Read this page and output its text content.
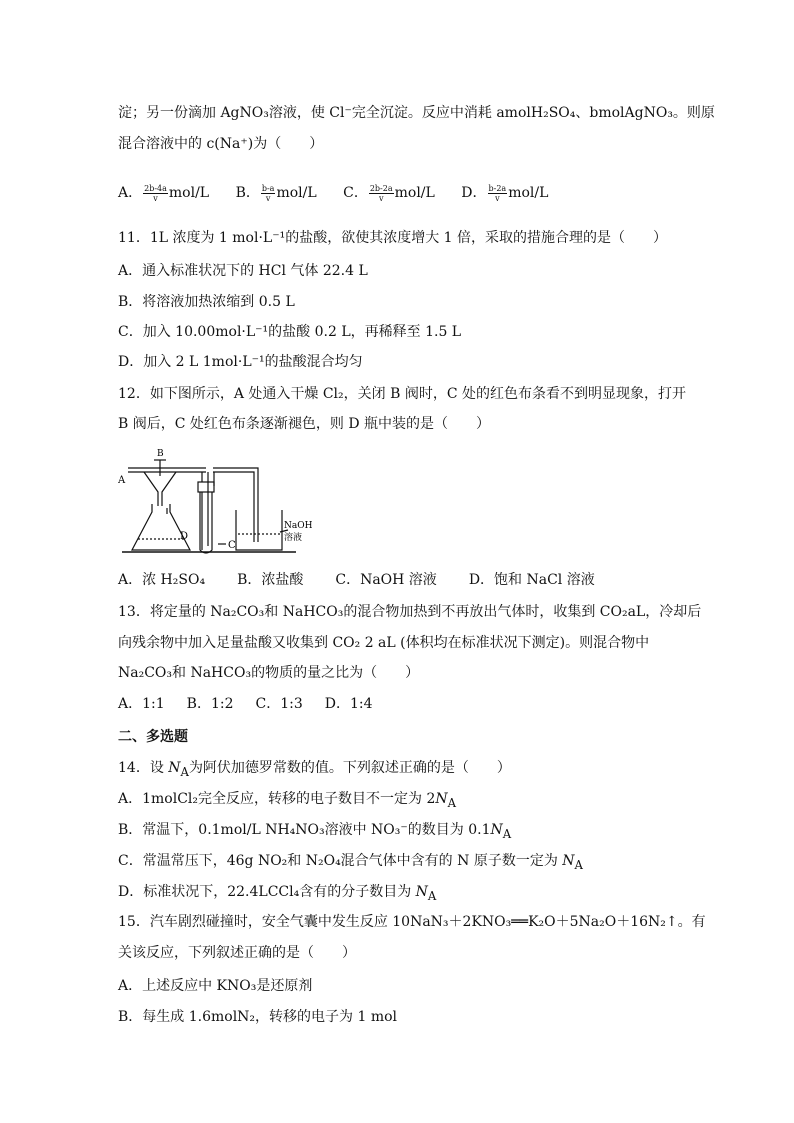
淀；另一份滴加 AgNO₃溶液，使 Cl⁻完全沉淀。反应中消耗 amolH₂SO₄、bmolAgNO₃。则原
混合溶液中的 c(Na⁺)为（　　）
A． $\frac{2b-4a}{v} mol/L$ B． $\frac{b-a}{v} mol/L$ C． $\frac{2b-2a}{v} mol/L$ D． $\frac{b-2a}{v} mol/L$
11．1L 浓度为 1 mol·L⁻¹的盐酸，欲使其浓度增大 1 倍，采取的措施合理的是（　　）
A．通入标准状况下的 HCl 气体 22.4 L
B．将溶液加热浓缩到 0.5 L
C．加入 10.00mol·L⁻¹的盐酸 0.2 L，再稀释至 1.5 L
D．加入 2 L 1mol·L⁻¹的盐酸混合均匀
12．如下图所示，A 处通入干燥 Cl₂，关闭 B 阀时，C 处的红色布条看不到明显现象，打开
B 阀后，C 处红色布条逐渐褪色，则 D 瓶中装的是（　　）
A
B
C
D
NaOH
溶液
A．浓 H₂SO₄ B．浓盐酸 C．NaOH 溶液 D．饱和 NaCl 溶液
13．将定量的 Na₂CO₃和 NaHCO₃的混合物加热到不再放出气体时，收集到 CO₂aL，冷却后
向残余物中加入足量盐酸又收集到 CO₂ 2 aL (体积均在标准状况下测定)。则混合物中
Na₂CO₃和 NaHCO₃的物质的量之比为（　　）
A．1:1 B．1:2 C．1:3 D．1:4
二、多选题
14．设 $N_A$为阿伏加德罗常数的值。下列叙述正确的是（　　）
A．1molCl₂完全反应，转移的电子数目不一定为 $2N_A$
B．常温下，0.1mol/L NH₄NO₃溶液中 NO₃⁻的数目为 $0.1N_A$
C．常温常压下，46g NO₂和 N₂O₄混合气体中含有的 N 原子数一定为 $N_A$
D．标准状况下，22.4LCCl₄含有的分子数目为 $N_A$
15．汽车剧烈碰撞时，安全气囊中发生反应 10NaN₃＋2KNO₃══K₂O＋5Na₂O＋16N₂↑。有
关该反应，下列叙述正确的是（　　）
A．上述反应中 KNO₃是还原剂
B．每生成 1.6molN₂，转移的电子为 1 mol
